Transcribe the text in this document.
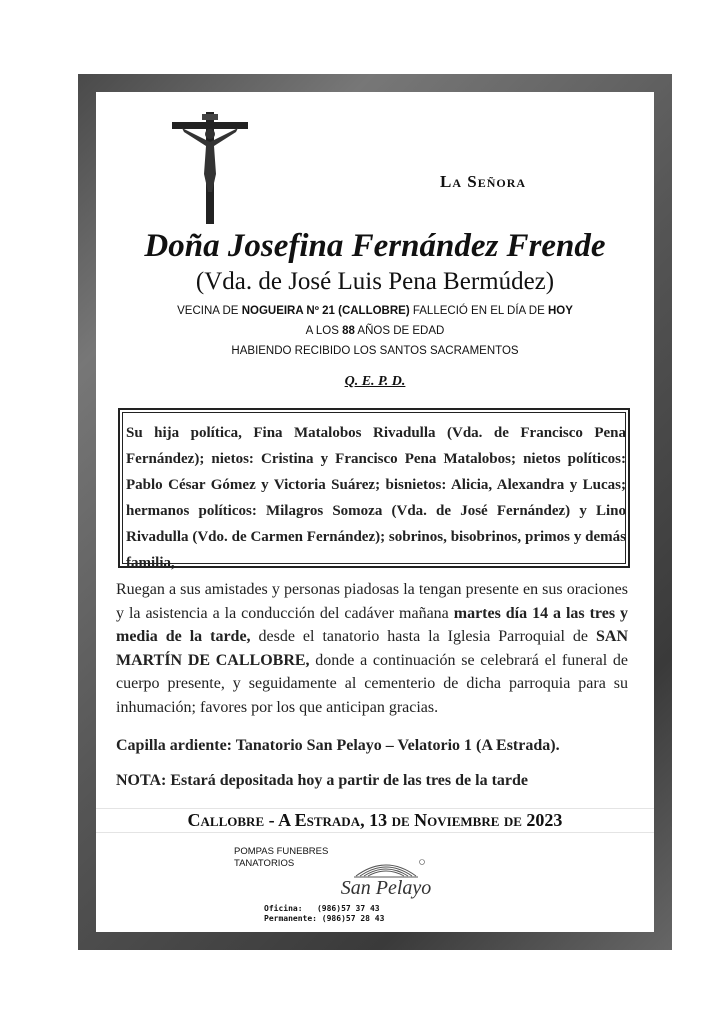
La Señora
Doña Josefina Fernández Frende
(Vda. de José Luis Pena Bermúdez)
VECINA DE NOGUEIRA Nº 21 (CALLOBRE) FALLECIÓ EN EL DÍA DE HOY
A LOS 88 AÑOS DE EDAD
HABIENDO RECIBIDO LOS SANTOS SACRAMENTOS
Q. E. P. D.
Su hija política, Fina Matalobos Rivadulla (Vda. de Francisco Pena Fernández); nietos: Cristina y Francisco Pena Matalobos; nietos políticos: Pablo César Gómez y Victoria Suárez; bisnietos: Alicia, Alexandra y Lucas; hermanos políticos: Milagros Somoza (Vda. de José Fernández) y Lino Rivadulla (Vdo. de Carmen Fernández); sobrinos, bisobrinos, primos y demás familia,
Ruegan a sus amistades y personas piadosas la tengan presente en sus oraciones y la asistencia a la conducción del cadáver mañana martes día 14 a las tres y media de la tarde, desde el tanatorio hasta la Iglesia Parroquial de SAN MARTÍN DE CALLOBRE, donde a continuación se celebrará el funeral de cuerpo presente, y seguidamente al cementerio de dicha parroquia para su inhumación; favores por los que anticipan gracias.
Capilla ardiente: Tanatorio San Pelayo – Velatorio 1 (A Estrada).
NOTA: Estará depositada hoy a partir de las tres de la tarde
Callobre - A Estrada, 13 de Noviembre de 2023
POMPAS FUNEBRES
TANATORIOS
San Pelayo
Oficina:   (986)57 37 43
Permanente: (986)57 28 43
